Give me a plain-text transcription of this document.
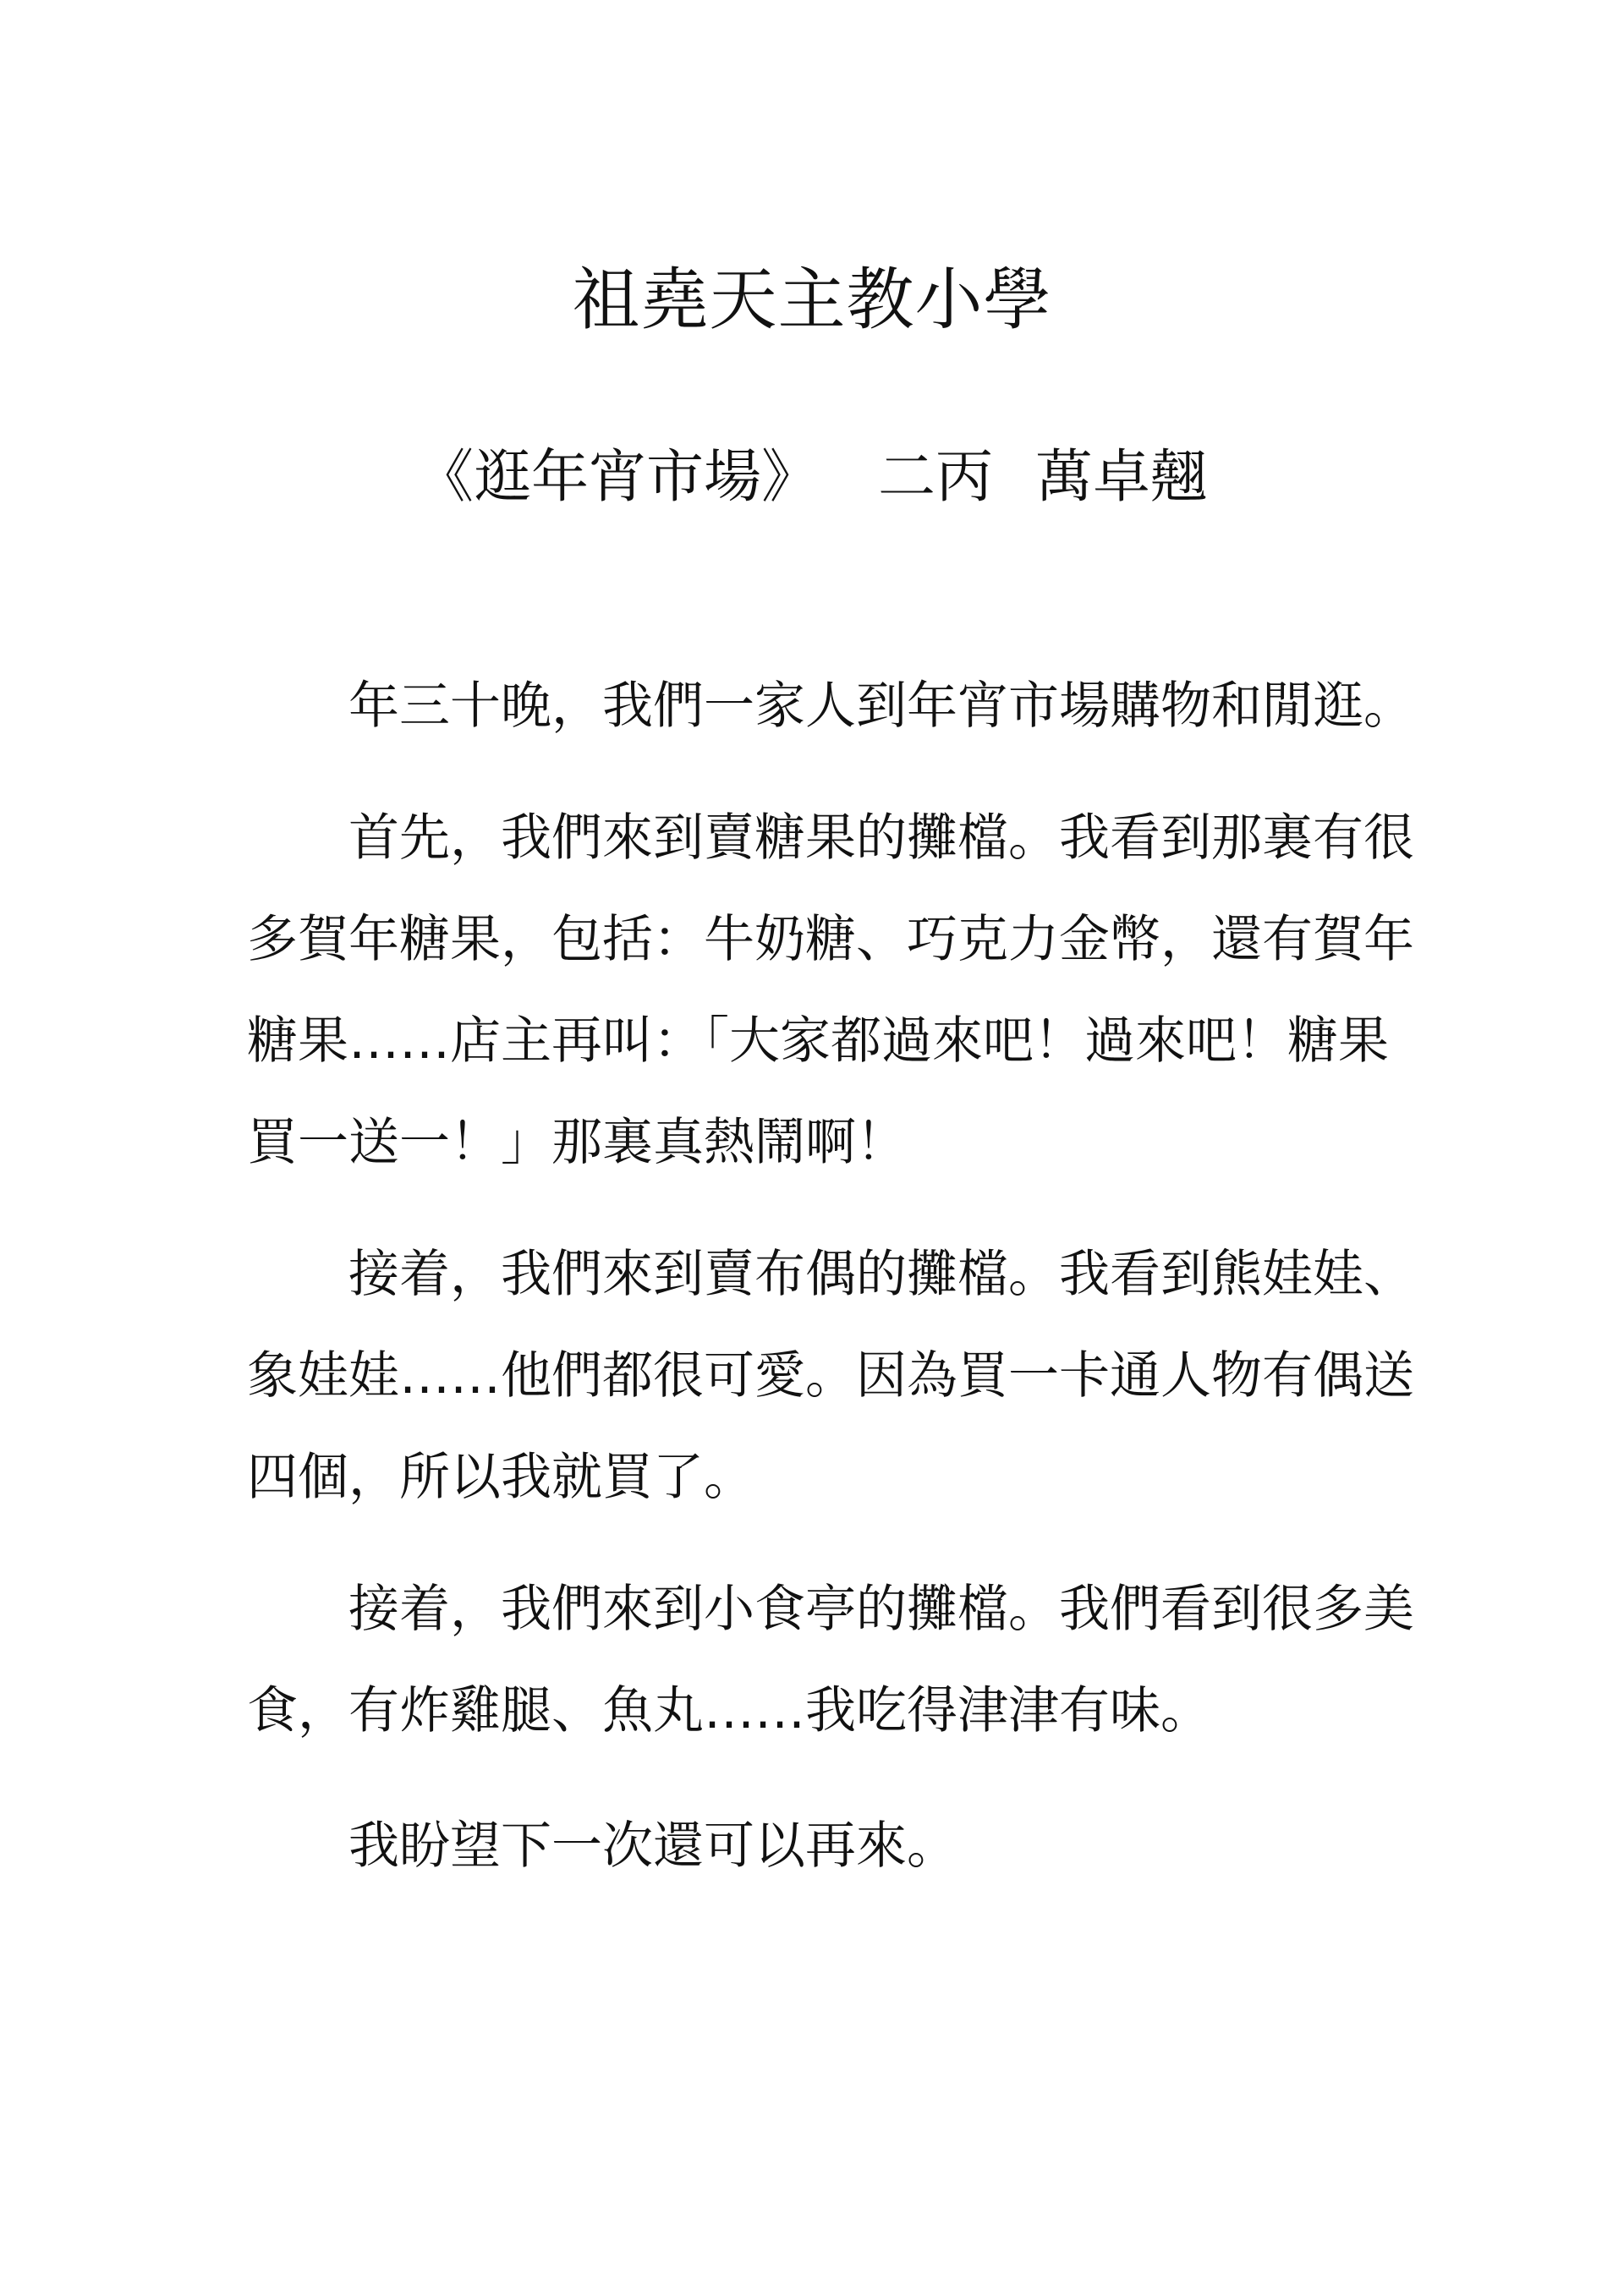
祖堯天主教小學
《逛年宵市場》 二丙 萬卓翹

年三十晚，我們一家人到年宵市場購物和閒逛。

首先，我們來到賣糖果的攤檔。我看到那裏有很多賀年糖果，包括：牛奶糖、巧克力金幣，還有賀年糖果……店主再叫：「大家都過來吧！過來吧！糖果買一送一！」那裏真熱鬧啊！

接着，我們來到賣布偶的攤檔。我看到熊娃娃、象娃娃……他們都很可愛。因為買一卡通人物有偶送四個，所以我就買了。

接着，我們來到小食亭的攤檔。我們看到很多美食，有炸雞腿、魚丸……我吃得津津有味。

我盼望下一次還可以再來。
